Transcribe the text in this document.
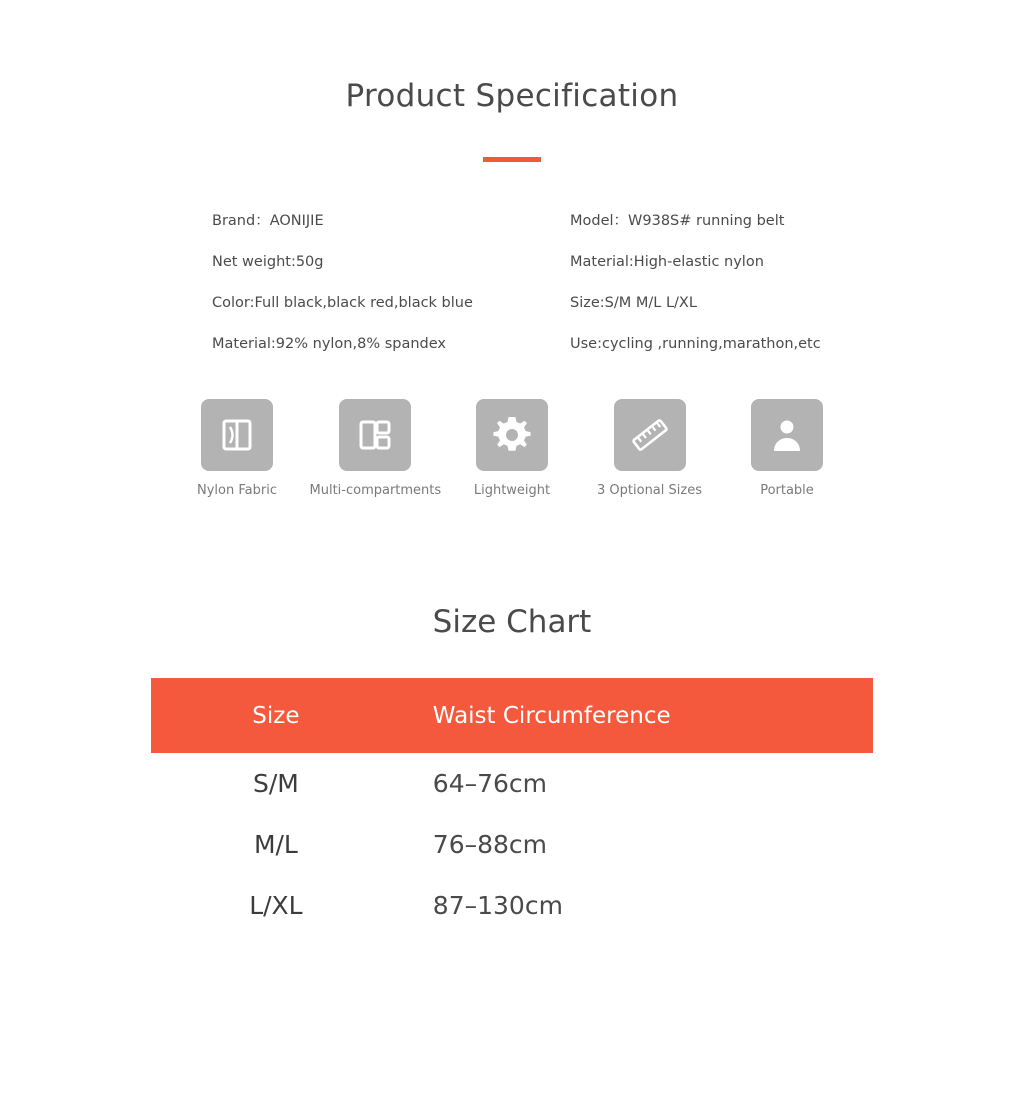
Product Specification
Brand：AONIJIE	Model：W938S# running belt
Net weight:50g	Material:High-elastic nylon
Color:Full black,black red,black blue	Size:S/M M/L L/XL
Material:92% nylon,8% spandex	Use:cycling ,running,marathon,etc
Nylon Fabric	Multi-compartments	Lightweight	3 Optional Sizes	Portable
Size Chart
Size	Waist Circumference
S/M	64–76cm
M/L	76–88cm
L/XL	87–130cm
